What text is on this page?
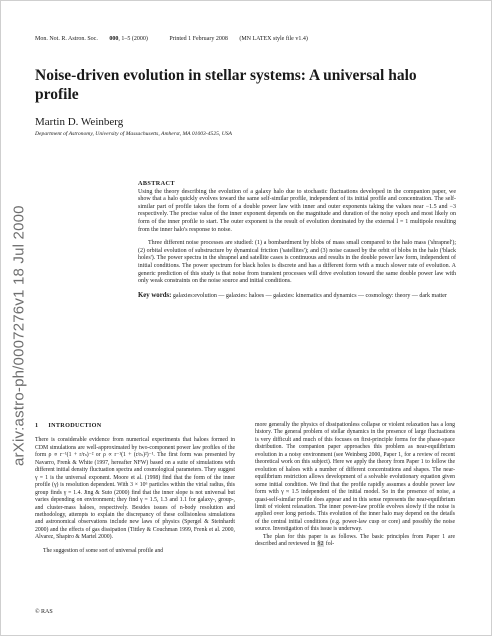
Mon. Not. R. Astron. Soc. 000, 1–5 (2000)	Printed 1 February 2008 (MN LATEX style file v1.4)
Noise-driven evolution in stellar systems: A universal halo profile
Martin D. Weinberg
Department of Astronomy, University of Massachusetts, Amherst, MA 01003-4525, USA
arXiv:astro-ph/0007276v1 18 Jul 2000
ABSTRACT

Using the theory describing the evolution of a galaxy halo due to stochastic fluctuations developed in the companion paper, we show that a halo quickly evolves toward the same self-similar profile, independent of its initial profile and concentration. The self-similar part of profile takes the form of a double power law with inner and outer exponents taking the values near −1.5 and −3 respectively. The precise value of the inner exponent depends on the magnitude and duration of the noisy epoch and most likely on form of the inner profile to start. The outer exponent is the result of evolution dominated by the external l = 1 multipole resulting from the inner halo's response to noise.

Three different noise processes are studied: (1) a bombardment by blobs of mass small compared to the halo mass ('shrapnel'); (2) orbital evolution of substructure by dynamical friction ('satellites'); and (3) noise caused by the orbit of blobs in the halo ('black holes'). The power spectra in the shrapnel and satellite cases is continuous and results in the double power law form, independent of initial conditions. The power spectrum for black holes is discrete and has a different form with a much slower rate of evolution. A generic prediction of this study is that noise from transient processes will drive evolution toward the same double power law with only weak constraints on the noise source and initial conditions.

Key words: galaxies:evolution — galaxies: haloes — galaxies: kinematics and dynamics — cosmology: theory — dark matter
1 INTRODUCTION

There is considerable evidence from numerical experiments that haloes formed in CDM simulations are well-approximated by two-component power law profiles of the form ρ ∝ r⁻¹(1 + r/rₛ)⁻² or ρ ∝ r⁻¹(1 + (r/rₛ)²)⁻¹. The first form was presented by Navarro, Frenk & White (1997, hereafter NFW) based on a suite of simulations with different initial density fluctuation spectra and cosmological parameters. They suggest γ = 1 is the universal exponent. Moore et al. (1998) find that the form of the inner profile (γ) is resolution dependent. With 3 × 10⁶ particles within the virial radius, this group finds γ = 1.4. Jing & Suto (2000) find that the inner slope is not universal but varies depending on environment; they find γ = 1.5, 1.3 and 1.1 for galaxy-, group-, and cluster-mass haloes, respectively. Besides issues of n-body resolution and methodology, attempts to explain the discrepancy of these collisionless simulations and astronomical observations include new laws of physics (Spergel & Steinhardt 2000) and the effects of gas dissipation (Tittley & Couchman 1999, Frenk et al. 2000, Alvarez, Shapiro & Martel 2000).

The suggestion of some sort of universal profile and

more generally the physics of dissipationless collapse or violent relaxation has a long history. The general problem of stellar dynamics in the presence of large fluctuations is very difficult and much of this focuses on first-principle forms for the phase-space distribution. The companion paper approaches this problem as near-equilibrium evolution in a noisy environment (see Weinberg 2000, Paper 1, for a review of recent theoretical work on this subject). Here we apply the theory from Paper 1 to follow the evolution of haloes with a number of different concentrations and shapes. The near-equilibrium restriction allows development of a solvable evolutionary equation given some initial condition. We find that the profile rapidly assumes a double power law form with γ ≈ 1.5 independent of the initial model. So in the presence of noise, a quasi-self-similar profile does appear and in this sense represents the near-equilibrium limit of violent relaxation. The inner power-law profile evolves slowly if the noise is applied over long periods. This evolution of the inner halo may depend on the details of the central initial conditions (e.g. power-law cusp or core) and possibly the noise source. Investigation of this issue is underway.

The plan for this paper is as follows. The basic principles from Paper 1 are described and reviewed in §2 fol-

© RAS
